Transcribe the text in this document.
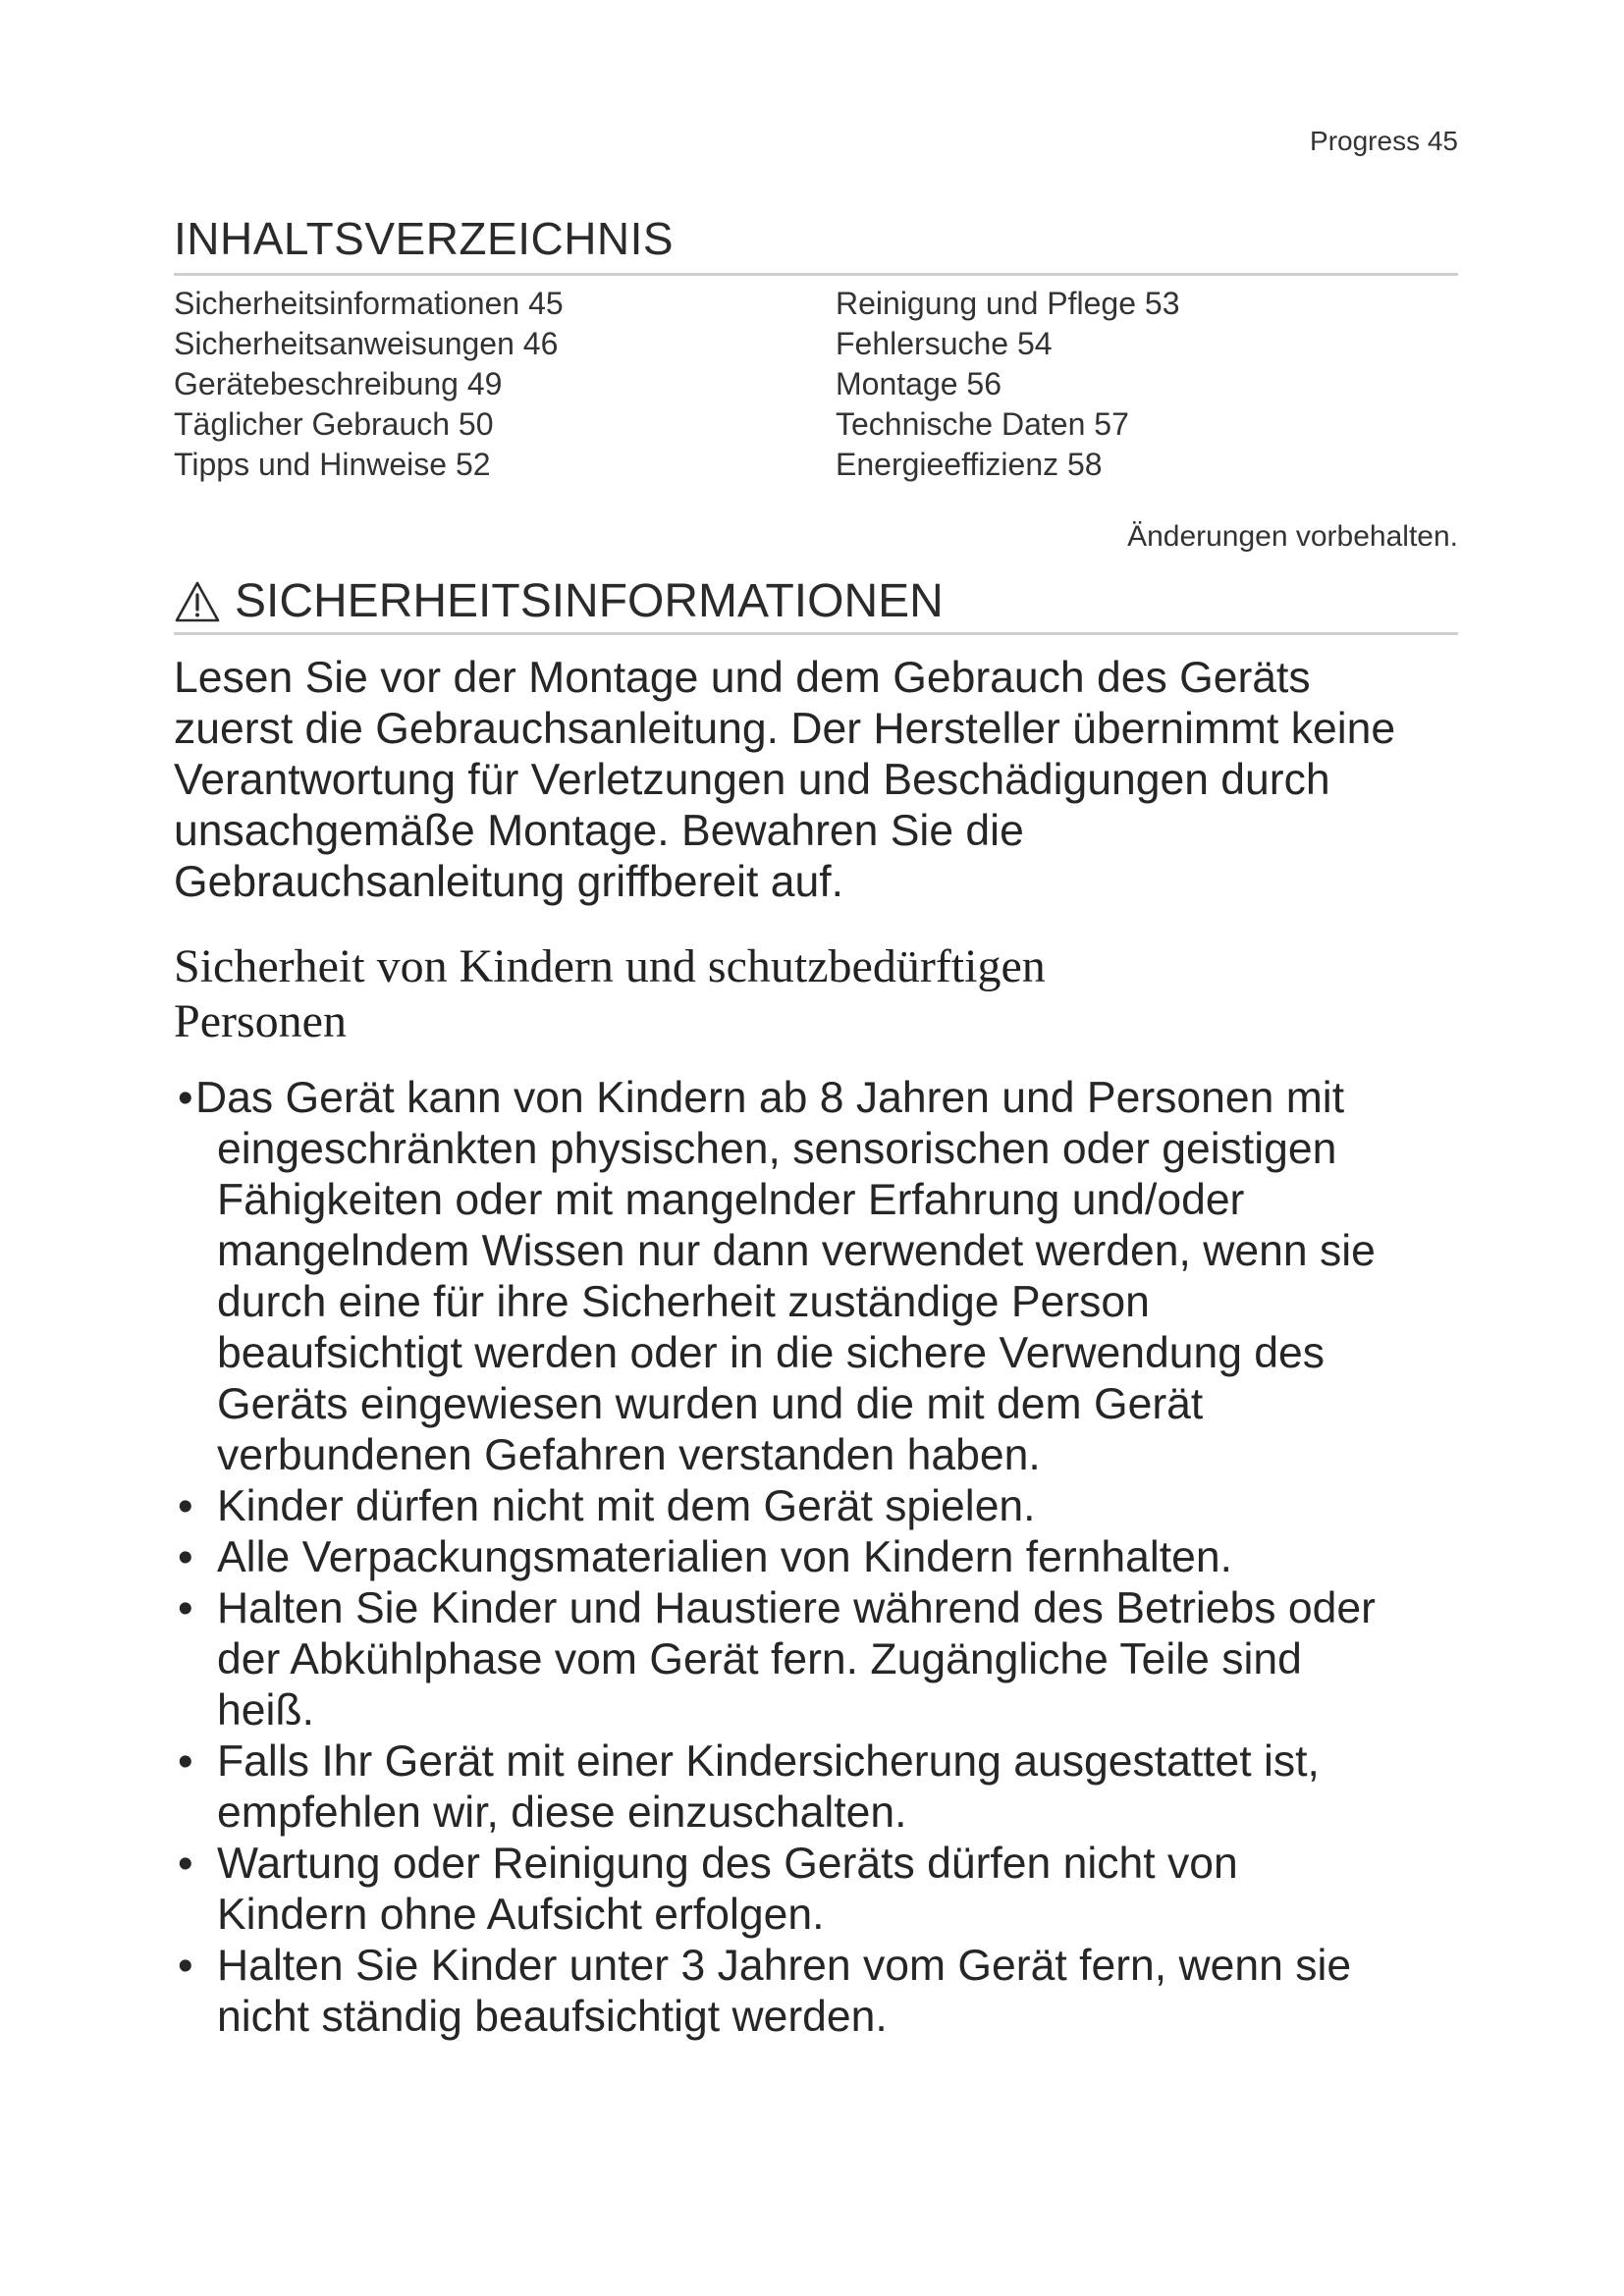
Progress 45
INHALTSVERZEICHNIS
Sicherheitsinformationen 45
Sicherheitsanweisungen 46
Gerätebeschreibung 49
Täglicher Gebrauch 50
Tipps und Hinweise 52
Reinigung und Pflege 53
Fehlersuche 54
Montage 56
Technische Daten 57
Energieeffizienz 58
Änderungen vorbehalten.
SICHERHEITSINFORMATIONEN
Lesen Sie vor der Montage und dem Gebrauch des Geräts
zuerst die Gebrauchsanleitung. Der Hersteller übernimmt keine
Verantwortung für Verletzungen und Beschädigungen durch
unsachgemäße Montage. Bewahren Sie die
Gebrauchsanleitung griffbereit auf.
Sicherheit von Kindern und schutzbedürftigen
Personen
• Das Gerät kann von Kindern ab 8 Jahren und Personen mit
eingeschränkten physischen, sensorischen oder geistigen
Fähigkeiten oder mit mangelnder Erfahrung und/oder
mangelndem Wissen nur dann verwendet werden, wenn sie
durch eine für ihre Sicherheit zuständige Person
beaufsichtigt werden oder in die sichere Verwendung des
Geräts eingewiesen wurden und die mit dem Gerät
verbundenen Gefahren verstanden haben.
• Kinder dürfen nicht mit dem Gerät spielen.
• Alle Verpackungsmaterialien von Kindern fernhalten.
• Halten Sie Kinder und Haustiere während des Betriebs oder
der Abkühlphase vom Gerät fern. Zugängliche Teile sind
heiß.
• Falls Ihr Gerät mit einer Kindersicherung ausgestattet ist,
empfehlen wir, diese einzuschalten.
• Wartung oder Reinigung des Geräts dürfen nicht von
Kindern ohne Aufsicht erfolgen.
• Halten Sie Kinder unter 3 Jahren vom Gerät fern, wenn sie
nicht ständig beaufsichtigt werden.
